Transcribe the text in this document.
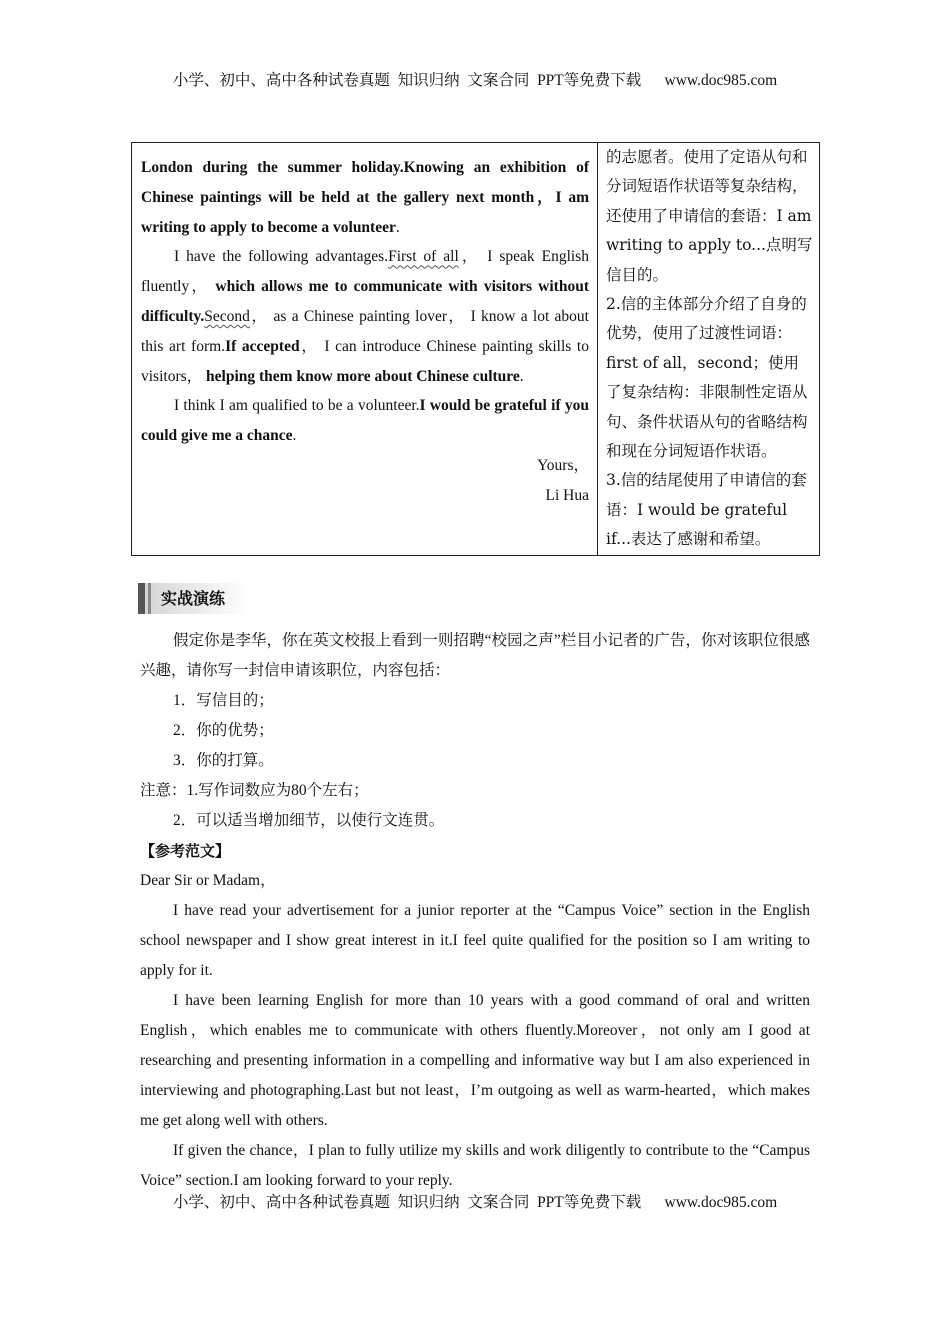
小学、初中、高中各种试卷真题  知识归纳  文案合同  PPT等免费下载      www.doc985.com

London during the summer holiday.Knowing an exhibition of Chinese paintings will be held at the gallery next month，I am writing to apply to become a volunteer.

I have the following advantages.First of all， I speak English fluently， which allows me to communicate with visitors without difficulty.Second， as a Chinese painting lover， I know a lot about this art form.If accepted， I can introduce Chinese painting skills to visitors， helping them know more about Chinese culture.

I think I am qualified to be a volunteer.I would be grateful if you could give me a chance.

Yours，
Li Hua

的志愿者。使用了定语从句和分词短语作状语等复杂结构，还使用了申请信的套语：I am writing to apply to...点明写信目的。

2.信的主体部分介绍了自身的优势，使用了过渡性词语：first of all，second；使用了复杂结构：非限制性定语从句、条件状语从句的省略结构和现在分词短语作状语。

3.信的结尾使用了申请信的套语：I would be grateful if...表达了感谢和希望。

实战演练

假定你是李华，你在英文校报上看到一则招聘“校园之声”栏目小记者的广告，你对该职位很感兴趣，请你写一封信申请该职位，内容包括：

1．写信目的；

2．你的优势；

3．你的打算。

注意：1.写作词数应为80个左右；

2．可以适当增加细节，以使行文连贯。

【参考范文】

Dear Sir or Madam，

I have read your advertisement for a junior reporter at the “Campus Voice” section in the English school newspaper and I show great interest in it.I feel quite qualified for the position so I am writing to apply for it.

I have been learning English for more than 10 years with a good command of oral and written English，which enables me to communicate with others fluently.Moreover，not only am I good at researching and presenting information in a compelling and informative way but I am also experienced in interviewing and photographing.Last but not least，I’m outgoing as well as warm-hearted，which makes me get along well with others.

If given the chance，I plan to fully utilize my skills and work diligently to contribute to the “Campus Voice” section.I am looking forward to your reply.

小学、初中、高中各种试卷真题  知识归纳  文案合同  PPT等免费下载      www.doc985.com
